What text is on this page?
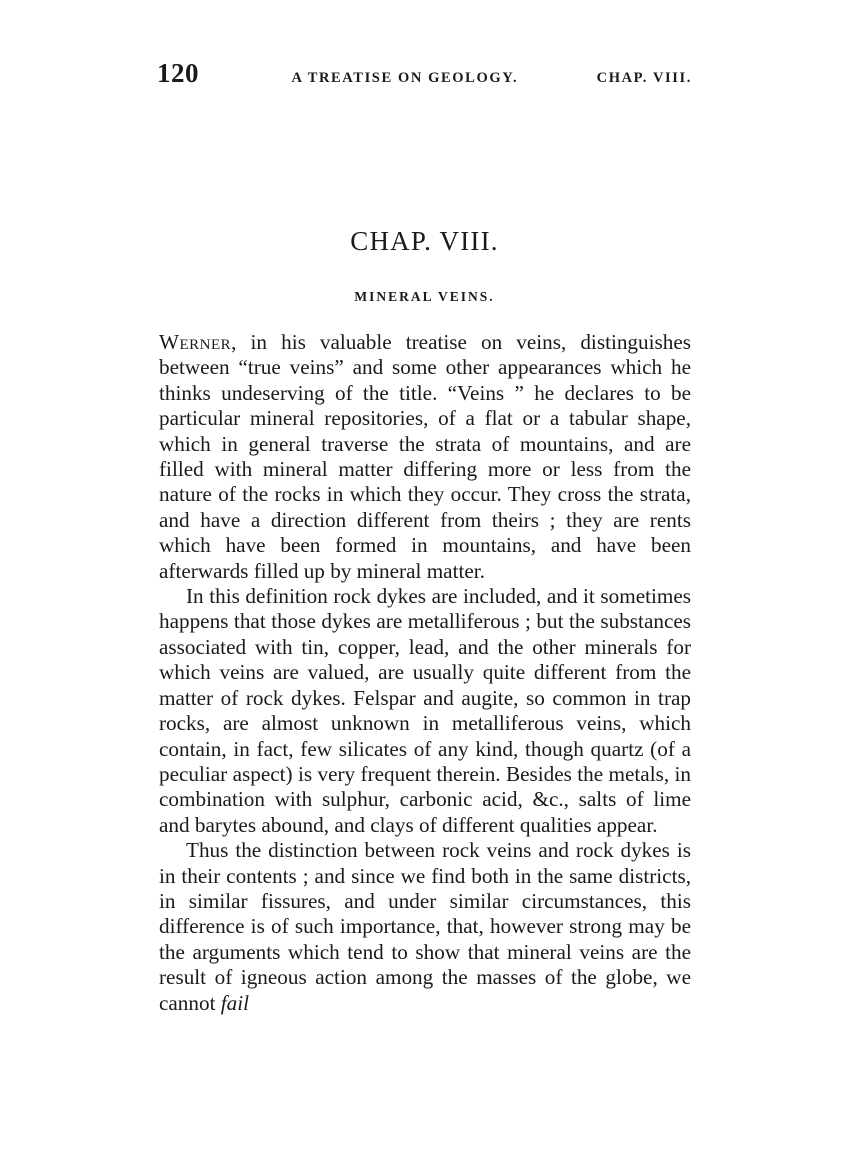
120	A TREATISE ON GEOLOGY.	CHAP. VIII.
CHAP. VIII.
MINERAL VEINS.

Werner, in his valuable treatise on veins, distinguishes between “true veins” and some other appearances which he thinks undeserving of the title. “Veins ” he declares to be particular mineral repositories, of a flat or a tabular shape, which in general traverse the strata of mountains, and are filled with mineral matter differing more or less from the nature of the rocks in which they occur. They cross the strata, and have a direction different from theirs ; they are rents which have been formed in mountains, and have been afterwards filled up by mineral matter.

In this definition rock dykes are included, and it sometimes happens that those dykes are metalliferous ; but the substances associated with tin, copper, lead, and the other minerals for which veins are valued, are usually quite different from the matter of rock dykes. Felspar and augite, so common in trap rocks, are almost unknown in metalliferous veins, which contain, in fact, few silicates of any kind, though quartz (of a peculiar aspect) is very frequent therein. Besides the metals, in combination with sulphur, carbonic acid, &c., salts of lime and barytes abound, and clays of different qualities appear.

Thus the distinction between rock veins and rock dykes is in their contents ; and since we find both in the same districts, in similar fissures, and under similar circumstances, this difference is of such importance, that, however strong may be the arguments which tend to show that mineral veins are the result of igneous action among the masses of the globe, we cannot fail
